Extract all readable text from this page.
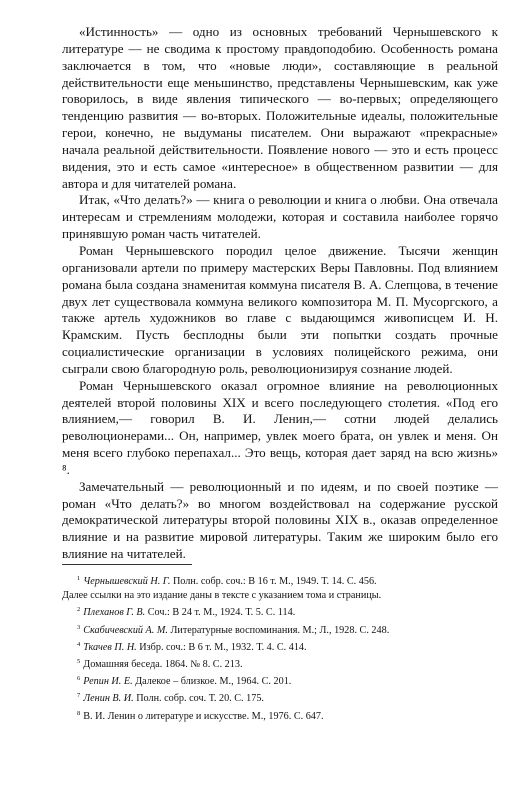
«Истинность» — одно из основных требований Чернышевского к литературе — не сводима к простому правдоподобию. Особенность романа заключается в том, что «новые люди», составляющие в реальной действительности еще меньшинство, представлены Чернышевским, как уже говорилось, в виде явления типического — во-первых; определяющего тенденцию развития — во-вторых. Положительные идеалы, положительные герои, конечно, не выдуманы писателем. Они выражают «прекрасные» начала реальной действительности. Появление нового — это и есть процесс видения, это и есть самое «интересное» в общественном развитии — для автора и для читателей романа.

Итак, «Что делать?» — книга о революции и книга о любви. Она отвечала интересам и стремлениям молодежи, которая и составила наиболее горячо принявшую роман часть читателей.

Роман Чернышевского породил целое движение. Тысячи женщин организовали артели по примеру мастерских Веры Павловны. Под влиянием романа была создана знаменитая коммуна писателя В. А. Слепцова, в течение двух лет существовала коммуна великого композитора М. П. Мусоргского, а также артель художников во главе с выдающимся живописцем И. Н. Крамским. Пусть бесплодны были эти попытки создать прочные социалистические организации в условиях полицейского режима, они сыграли свою благородную роль, революционизируя сознание людей.

Роман Чернышевского оказал огромное влияние на революционных деятелей второй половины XIX и всего последующего столетия. «Под его влиянием,— говорил В. И. Ленин,— сотни людей делались революционерами... Он, например, увлек моего брата, он увлек и меня. Он меня всего глубоко перепахал... Это вещь, которая дает заряд на всю жизнь» ⁸.

Замечательный — революционный и по идеям, и по своей поэтике — роман «Что делать?» во многом воздействовал на содержание русской демократической литературы второй половины XIX в., оказав определенное влияние и на развитие мировой литературы. Таким же широким было его влияние на читателей.

$^1$ Чернышевский Н. Г. Полн. собр. соч.: В 16 т. М., 1949. Т. 14. С. 456.

Далее ссылки на это издание даны в тексте с указанием тома и страницы.

$^2$ Плеханов Г. В. Соч.: В 24 т. М., 1924. Т. 5. С. 114.

$^3$ Скабичевский А. М. Литературные воспоминания. М.; Л., 1928. С. 248.

$^4$ Ткачев П. Н. Избр. соч.: В 6 т. М., 1932. Т. 4. С. 414.

$^5$ Домашняя беседа. 1864. № 8. С. 213.

$^6$ Репин И. Е. Далекое – близкое. М., 1964. С. 201.

$^7$ Ленин В. И. Полн. собр. соч. Т. 20. С. 175.

$^8$ В. И. Ленин о литературе и искусстве. М., 1976. С. 647.
